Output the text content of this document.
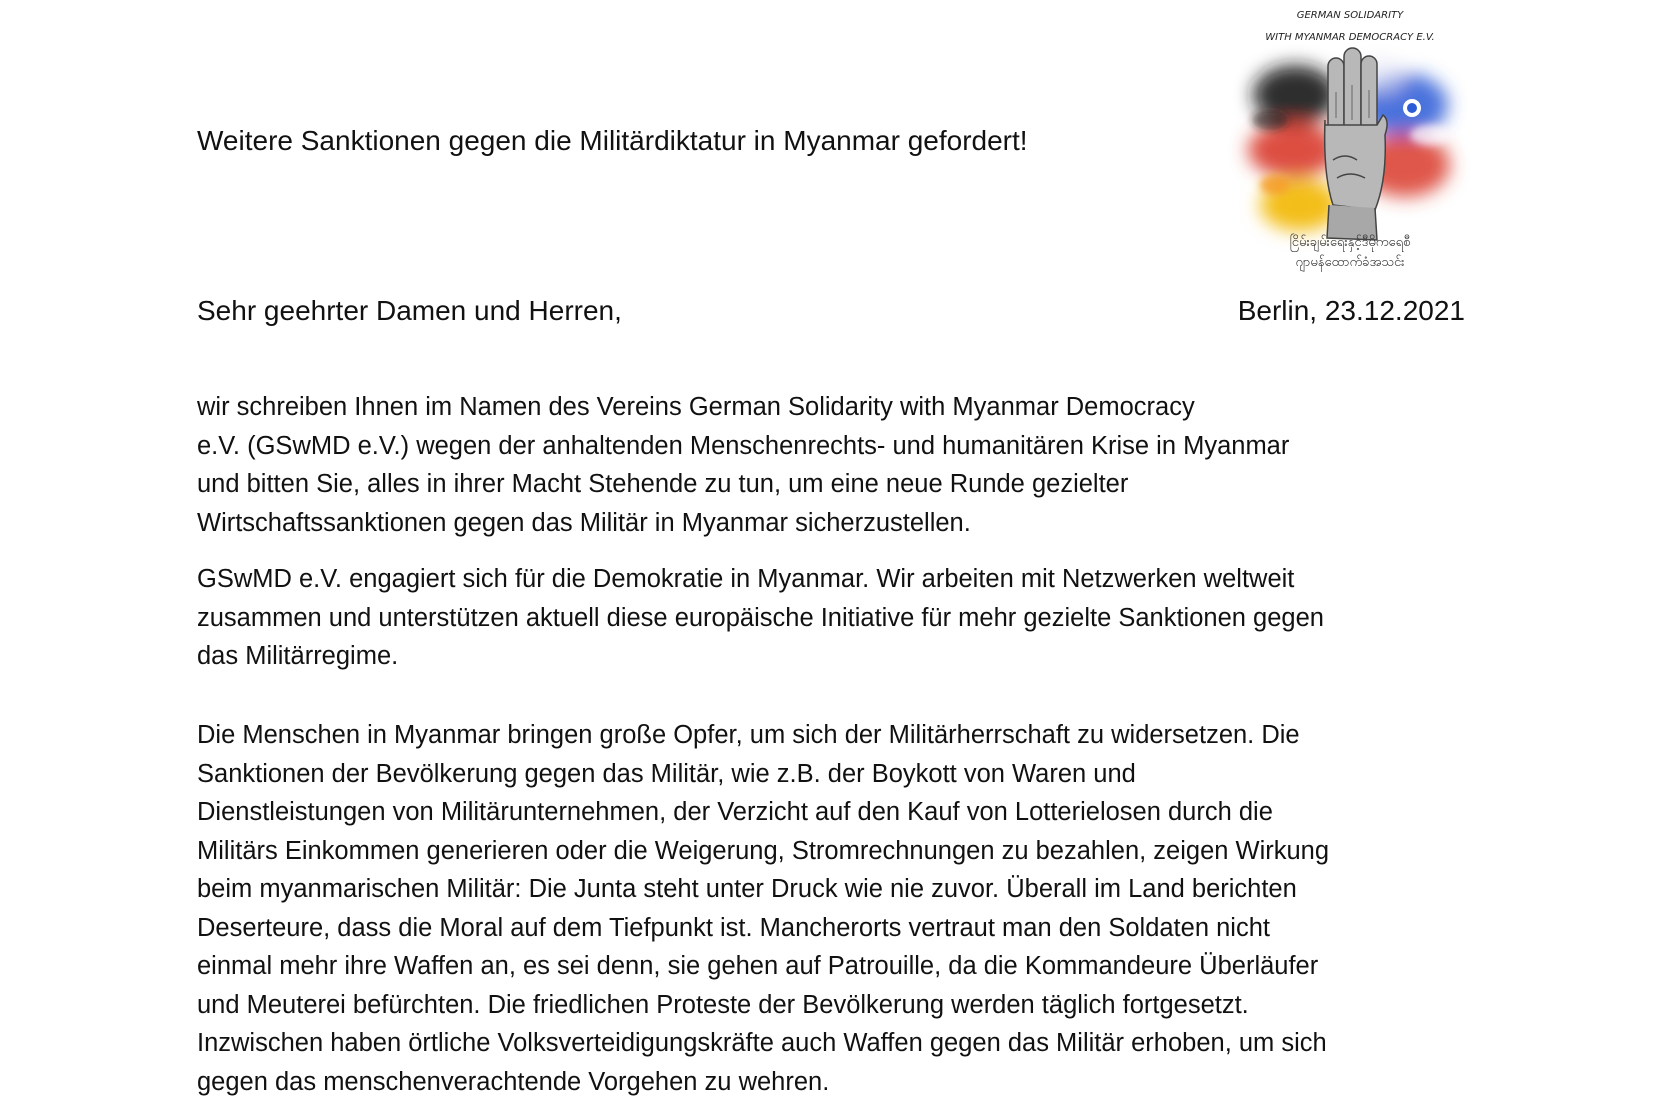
GERMAN SOLIDARITY
WITH MYANMAR DEMOCRACY E.V.
ငြိမ်းချမ်းရေးနှင့်ဒီမိုကရေစီ
ဂျာမန်ထောက်ခံအသင်း
Weitere Sanktionen gegen die Militärdiktatur in Myanmar gefordert!
Sehr geehrter Damen und Herren,	Berlin, 23.12.2021
wir schreiben Ihnen im Namen des Vereins German Solidarity with Myanmar Democracy
e.V. (GSwMD e.V.) wegen der anhaltenden Menschenrechts- und humanitären Krise in Myanmar
und bitten Sie, alles in ihrer Macht Stehende zu tun, um eine neue Runde gezielter
Wirtschaftssanktionen gegen das Militär in Myanmar sicherzustellen.
GSwMD e.V. engagiert sich für die Demokratie in Myanmar. Wir arbeiten mit Netzwerken weltweit
zusammen und unterstützen aktuell diese europäische Initiative für mehr gezielte Sanktionen gegen
das Militärregime.
Die Menschen in Myanmar bringen große Opfer, um sich der Militärherrschaft zu widersetzen. Die
Sanktionen der Bevölkerung gegen das Militär, wie z.B. der Boykott von Waren und
Dienstleistungen von Militärunternehmen, der Verzicht auf den Kauf von Lotterielosen durch die
Militärs Einkommen generieren oder die Weigerung, Stromrechnungen zu bezahlen, zeigen Wirkung
beim myanmarischen Militär: Die Junta steht unter Druck wie nie zuvor. Überall im Land berichten
Deserteure, dass die Moral auf dem Tiefpunkt ist. Mancherorts vertraut man den Soldaten nicht
einmal mehr ihre Waffen an, es sei denn, sie gehen auf Patrouille, da die Kommandeure Überläufer
und Meuterei befürchten. Die friedlichen Proteste der Bevölkerung werden täglich fortgesetzt.
Inzwischen haben örtliche Volksverteidigungskräfte auch Waffen gegen das Militär erhoben, um sich
gegen das menschenverachtende Vorgehen zu wehren.
